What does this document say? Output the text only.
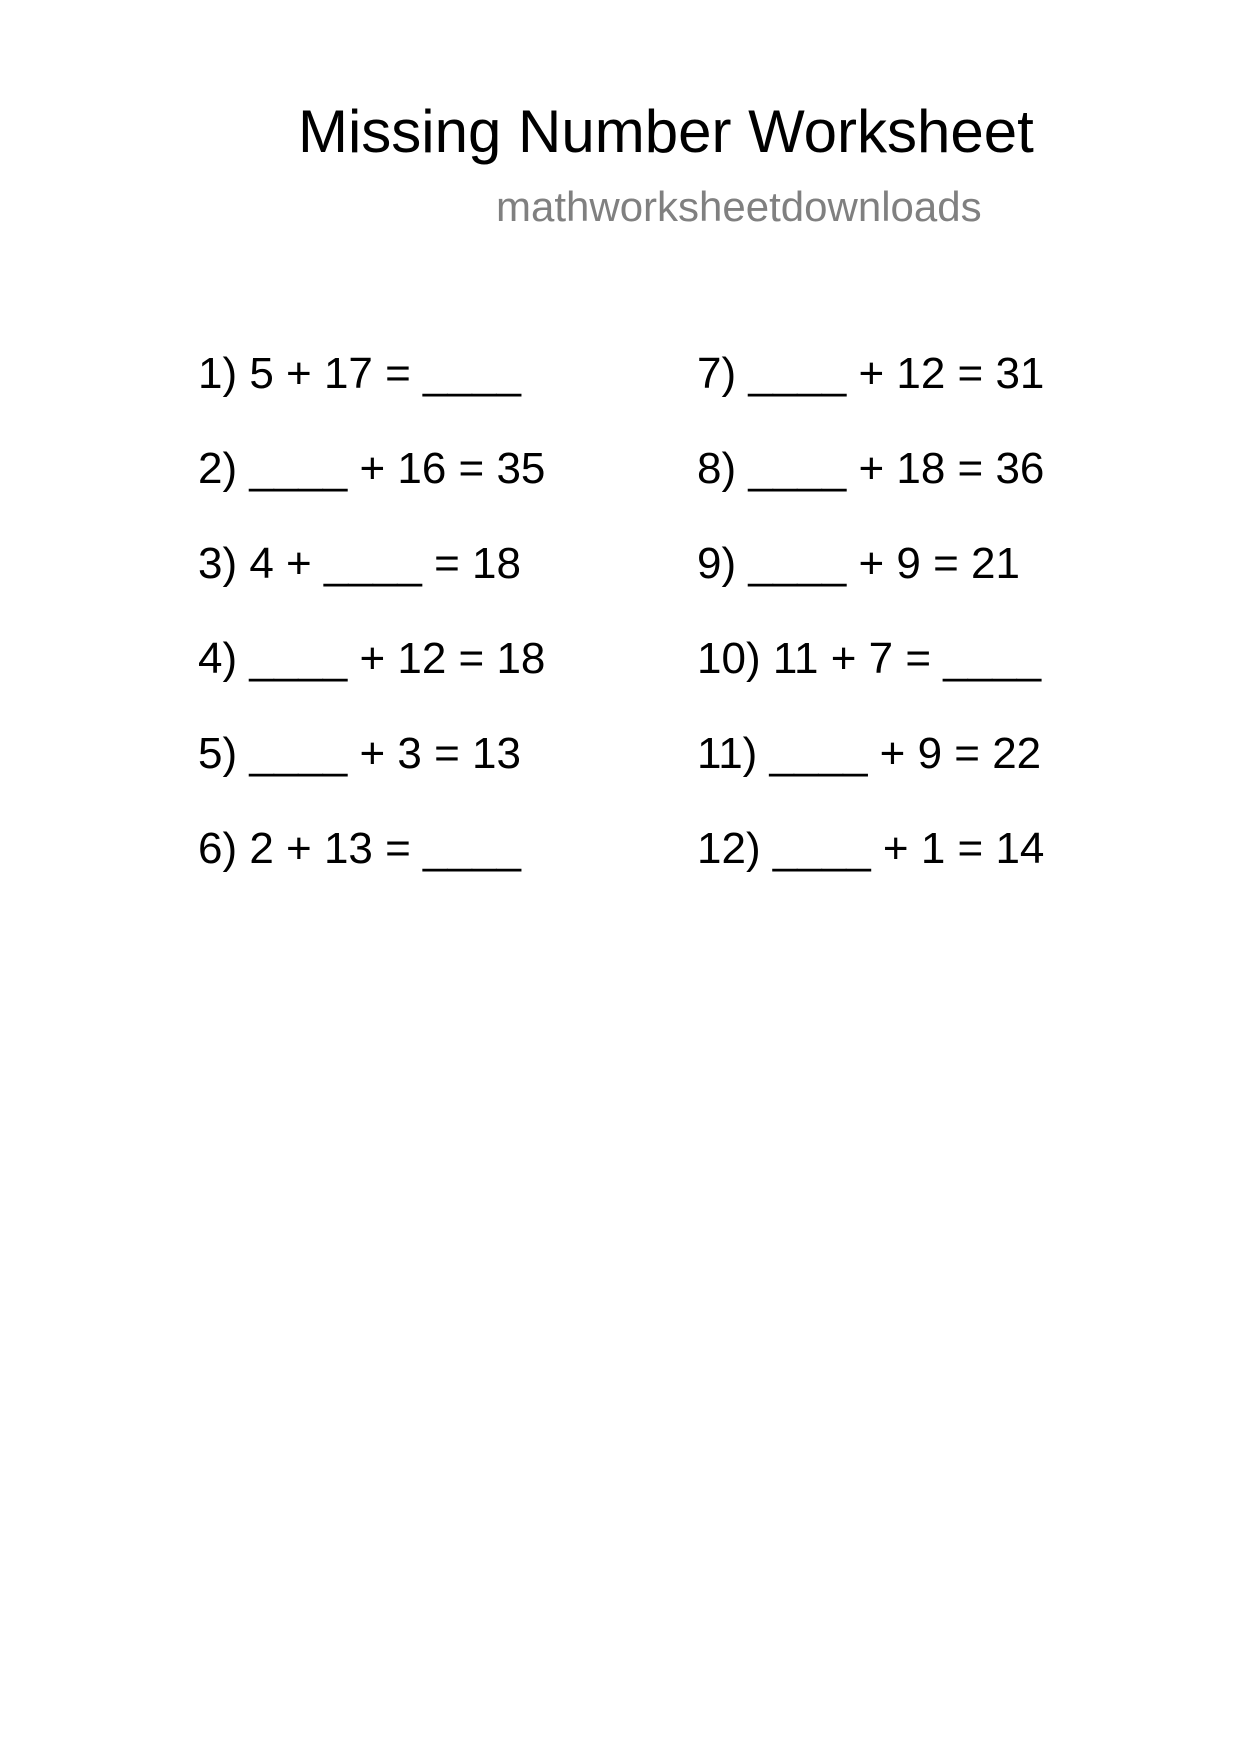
Missing Number Worksheet
mathworksheetdownloads
1) 5 + 17 = ____
2) ____ + 16 = 35
3) 4 + ____ = 18
4) ____ + 12 = 18
5) ____ + 3 = 13
6) 2 + 13 = ____
7) ____ + 12 = 31
8) ____ + 18 = 36
9) ____ + 9 = 21
10) 11 + 7 = ____
11) ____ + 9 = 22
12) ____ + 1 = 14
